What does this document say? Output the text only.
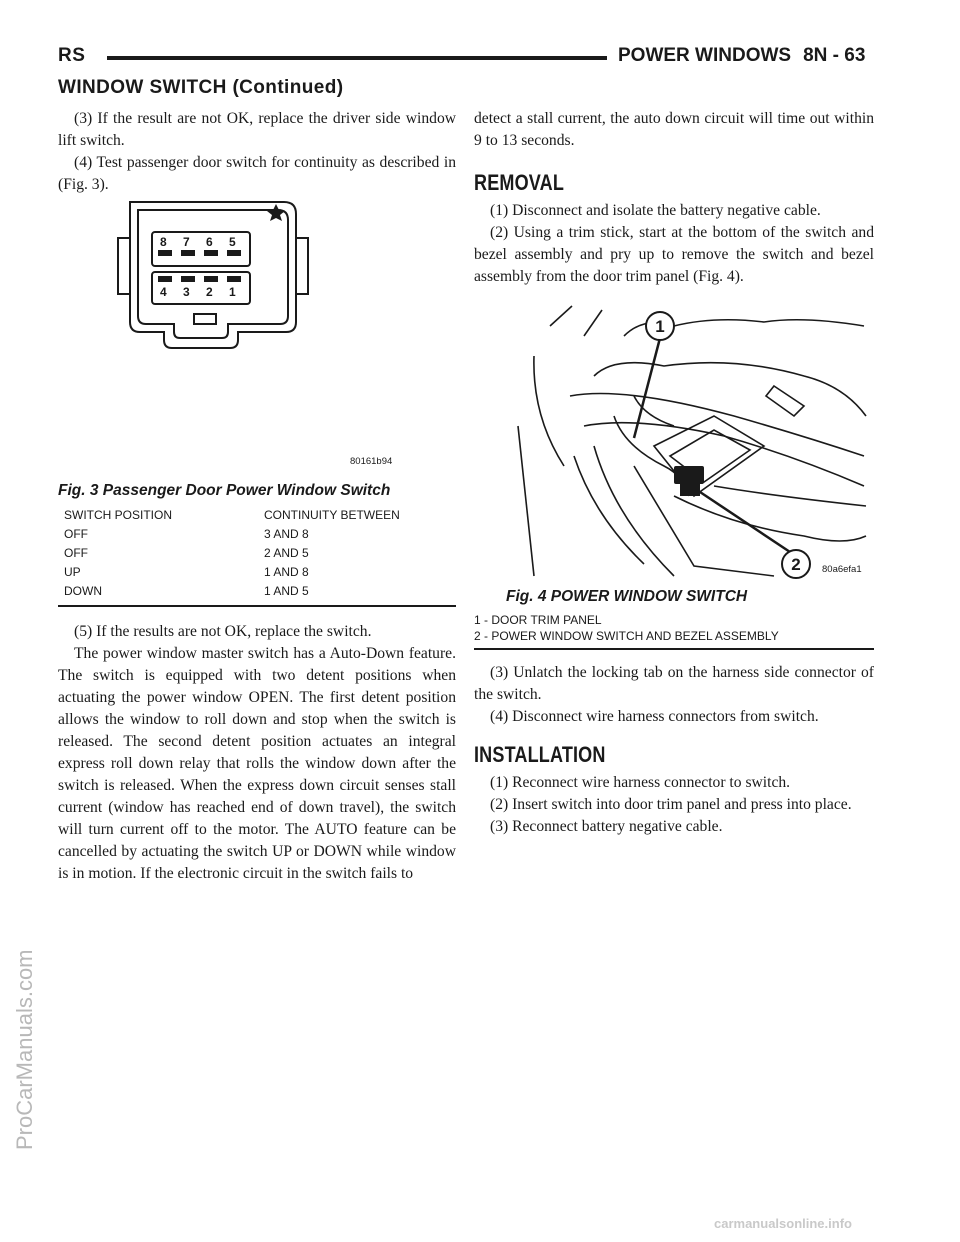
RS	POWER WINDOWS 8N - 63
WINDOW SWITCH (Continued)

(3) If the result are not OK, replace the driver side window lift switch.

(4) Test passenger door switch for continuity as described in (Fig. 3).

8 7 6 5
4 3 2 1
80161b94
Fig. 3 Passenger Door Power Window Switch
SWITCH POSITION	CONTINUITY BETWEEN
OFF	3 AND 8
OFF	2 AND 5
UP	1 AND 8
DOWN	1 AND 5

(5) If the results are not OK, replace the switch.

The power window master switch has a Auto-Down feature. The switch is equipped with two detent positions when actuating the power window OPEN. The first detent position allows the window to roll down and stop when the switch is released. The second detent position actuates an integral express roll down relay that rolls the window down after the switch is released. When the express down circuit senses stall current (window has reached end of down travel), the switch will turn current off to the motor. The AUTO feature can be cancelled by actuating the switch UP or DOWN while window is in motion. If the electronic circuit in the switch fails to

detect a stall current, the auto down circuit will time out within 9 to 13 seconds.

REMOVAL

(1) Disconnect and isolate the battery negative cable.

(2) Using a trim stick, start at the bottom of the switch and bezel assembly and pry up to remove the switch and bezel assembly from the door trim panel (Fig. 4).

1
2 80a6efa1
Fig. 4 POWER WINDOW SWITCH
1 - DOOR TRIM PANEL
2 - POWER WINDOW SWITCH AND BEZEL ASSEMBLY

(3) Unlatch the locking tab on the harness side connector of the switch.

(4) Disconnect wire harness connectors from switch.

INSTALLATION

(1) Reconnect wire harness connector to switch.

(2) Insert switch into door trim panel and press into place.

(3) Reconnect battery negative cable.

ProCarManuals.com
carmanualsonline.info
